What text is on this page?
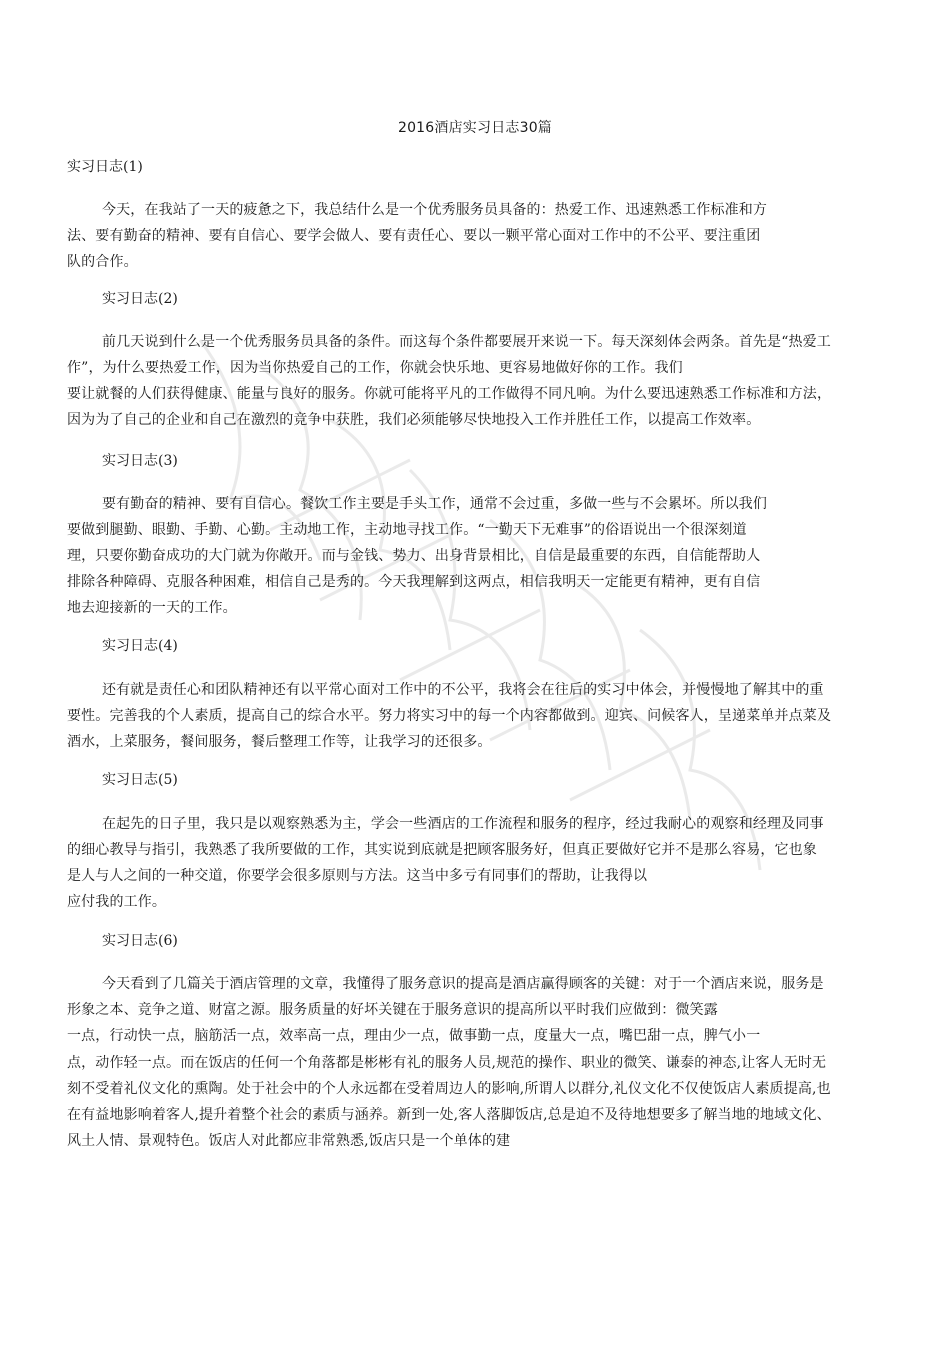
2016酒店实习日志30篇
实习日志(1)
今天，在我站了一天的疲惫之下，我总结什么是一个优秀服务员具备的：热爱工作、迅速熟悉工作标准和方
法、要有勤奋的精神、要有自信心、要学会做人、要有责任心、要以一颗平常心面对工作中的不公平、要注重团
队的合作。
实习日志(2)
前几天说到什么是一个优秀服务员具备的条件。而这每个条件都要展开来说一下。每天深刻体会两条。首先是“热爱工
作”，为什么要热爱工作，因为当你热爱自己的工作，你就会快乐地、更容易地做好你的工作。我们
要让就餐的人们获得健康、能量与良好的服务。你就可能将平凡的工作做得不同凡响。为什么要迅速熟悉工作标准和方法，
因为为了自己的企业和自己在激烈的竞争中获胜，我们必须能够尽快地投入工作并胜任工作，以提高工作效率。
实习日志(3)
要有勤奋的精神、要有自信心。餐饮工作主要是手头工作，通常不会过重，多做一些与不会累坏。所以我们
要做到腿勤、眼勤、手勤、心勤。主动地工作，主动地寻找工作。“一勤天下无难事”的俗语说出一个很深刻道
理，只要你勤奋成功的大门就为你敞开。而与金钱、势力、出身背景相比，自信是最重要的东西，自信能帮助人
排除各种障碍、克服各种困难，相信自己是秀的。今天我理解到这两点，相信我明天一定能更有精神，更有自信
地去迎接新的一天的工作。
实习日志(4)
还有就是责任心和团队精神还有以平常心面对工作中的不公平，我将会在往后的实习中体会，并慢慢地了解其中的重
要性。完善我的个人素质，提高自己的综合水平。努力将实习中的每一个内容都做到。迎宾、问候客人，呈递菜单并点菜及
酒水，上菜服务，餐间服务，餐后整理工作等，让我学习的还很多。
实习日志(5)
在起先的日子里，我只是以观察熟悉为主，学会一些酒店的工作流程和服务的程序，经过我耐心的观察和经理及同事
的细心教导与指引，我熟悉了我所要做的工作，其实说到底就是把顾客服务好，但真正要做好它并不是那么容易，它也象
是人与人之间的一种交道，你要学会很多原则与方法。这当中多亏有同事们的帮助，让我得以
应付我的工作。
实习日志(6)
今天看到了几篇关于酒店管理的文章，我懂得了服务意识的提高是酒店赢得顾客的关键：对于一个酒店来说，服务是
形象之本、竞争之道、财富之源。服务质量的好坏关键在于服务意识的提高所以平时我们应做到：微笑露
一点，行动快一点，脑筋活一点，效率高一点，理由少一点，做事勤一点，度量大一点，嘴巴甜一点，脾气小一
点，动作轻一点。而在饭店的任何一个角落都是彬彬有礼的服务人员,规范的操作、职业的微笑、谦泰的神态,让客人无时无
刻不受着礼仪文化的熏陶。处于社会中的个人永远都在受着周边人的影响,所谓人以群分,礼仪文化不仅使饭店人素质提高,也
在有益地影响着客人,提升着整个社会的素质与涵养。新到一处,客人落脚饭店,总是迫不及待地想要多了解当地的地域文化、
风土人情、景观特色。饭店人对此都应非常熟悉,饭店只是一个单体的建
